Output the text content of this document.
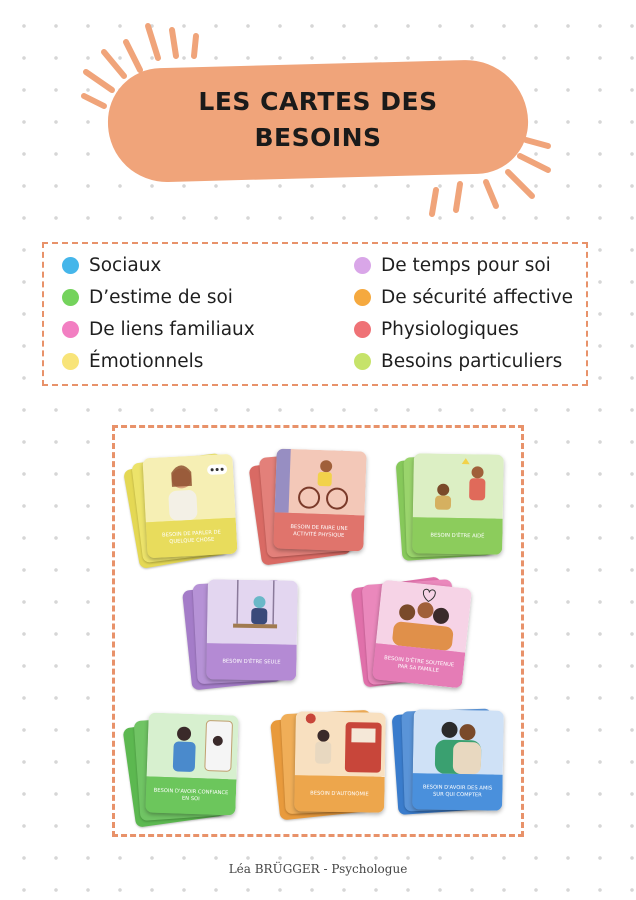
LES CARTES DES
BESOINS
Sociaux
D’estime de soi
De liens familiaux
Émotionnels
De temps pour soi
De sécurité affective
Physiologiques
Besoins particuliers
BESOIN DE PARLER DE QUELQUE CHOSE
BESOIN DE FAIRE UNE ACTIVITÉ PHYSIQUE	BESOIN D'ÊTRE AIDÉ
BESOIN D'ÊTRE SEULE	BESOIN D'ÊTRE SOUTENUE PAR SA FAMILLE
BESOIN D'AVOIR CONFIANCE EN SOI
BESOIN D'AUTONOMIE
BESOIN D'AVOIR DES AMIS SUR QUI COMPTER
Léa BRÜGGER - Psychologue
